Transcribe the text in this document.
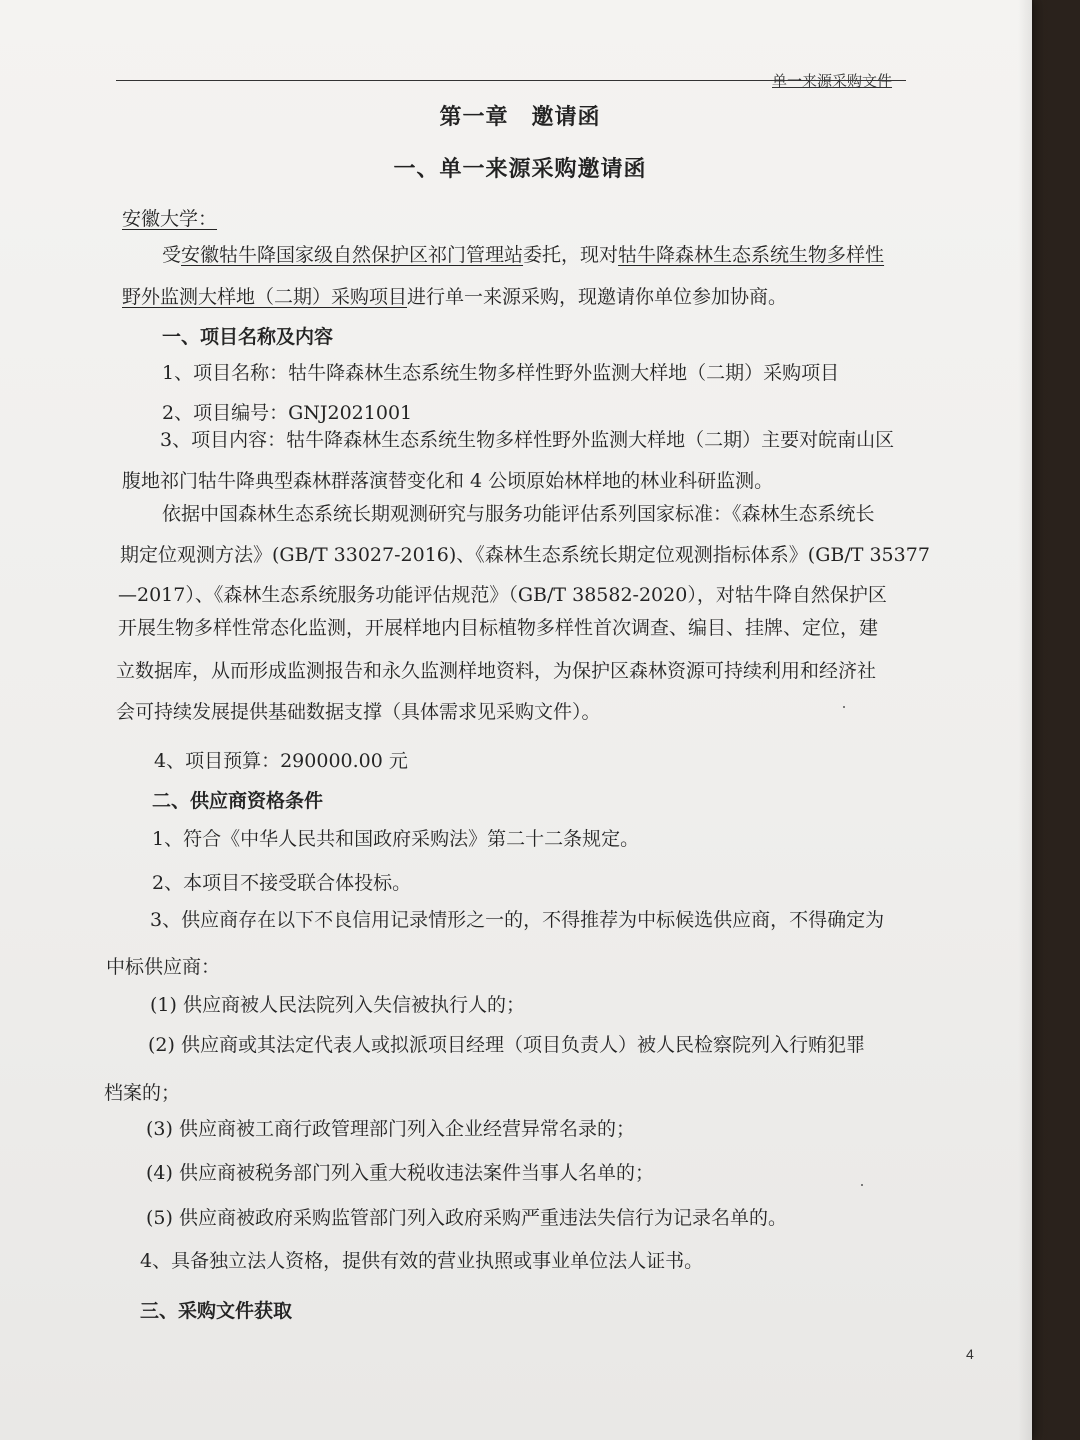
单一来源采购文件
第一章　邀请函
一、单一来源采购邀请函
安徽大学：
受安徽牯牛降国家级自然保护区祁门管理站委托，现对牯牛降森林生态系统生物多样性
野外监测大样地（二期）采购项目进行单一来源采购，现邀请你单位参加协商。
一、项目名称及内容
1、项目名称：牯牛降森林生态系统生物多样性野外监测大样地（二期）采购项目
2、项目编号：GNJ2021001
3、项目内容：牯牛降森林生态系统生物多样性野外监测大样地（二期）主要对皖南山区
腹地祁门牯牛降典型森林群落演替变化和 4 公顷原始林样地的林业科研监测。
依据中国森林生态系统长期观测研究与服务功能评估系列国家标准：《森林生态系统长
期定位观测方法》(GB/T 33027-2016)、《森林生态系统长期定位观测指标体系》(GB/T 35377
—2017）、《森林生态系统服务功能评估规范》（GB/T 38582-2020），对牯牛降自然保护区
开展生物多样性常态化监测，开展样地内目标植物多样性首次调查、编目、挂牌、定位，建
立数据库，从而形成监测报告和永久监测样地资料，为保护区森林资源可持续利用和经济社
会可持续发展提供基础数据支撑（具体需求见采购文件）。
4、项目预算：290000.00 元
二、供应商资格条件
1、符合《中华人民共和国政府采购法》第二十二条规定。
2、本项目不接受联合体投标。
3、供应商存在以下不良信用记录情形之一的，不得推荐为中标候选供应商，不得确定为
中标供应商：
(1) 供应商被人民法院列入失信被执行人的；
(2) 供应商或其法定代表人或拟派项目经理（项目负责人）被人民检察院列入行贿犯罪
档案的；
(3) 供应商被工商行政管理部门列入企业经营异常名录的；
(4) 供应商被税务部门列入重大税收违法案件当事人名单的；
(5) 供应商被政府采购监管部门列入政府采购严重违法失信行为记录名单的。
4、具备独立法人资格，提供有效的营业执照或事业单位法人证书。
三、采购文件获取
4
